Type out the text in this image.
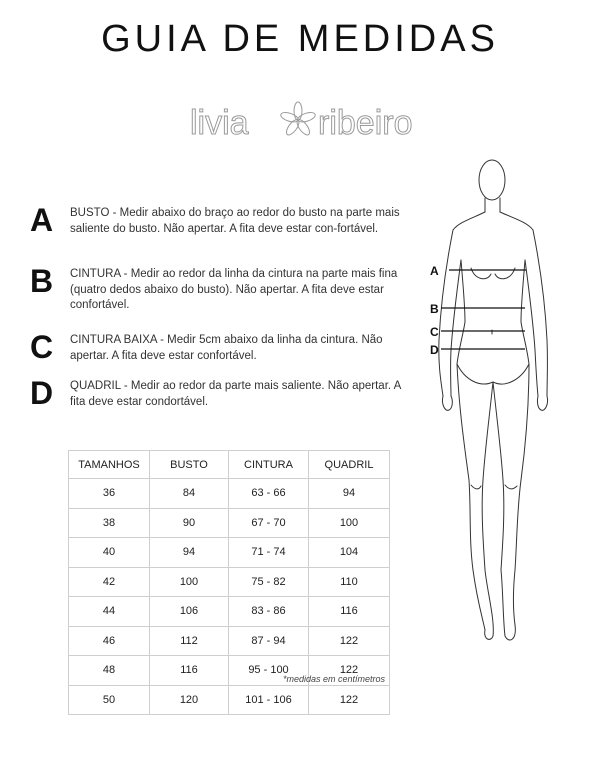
GUIA DE MEDIDAS
livia ribeiro
A BUSTO - Medir abaixo do braço ao redor do busto na parte mais saliente do busto. Não apertar. A fita deve estar con-fortável.
B CINTURA - Medir ao redor da linha da cintura na parte mais fina (quatro dedos abaixo do busto). Não apertar. A fita deve estar confortável.
C CINTURA BAIXA - Medir 5cm abaixo da linha da cintura. Não apertar. A fita deve estar confortável.
D QUADRIL - Medir ao redor da parte mais saliente. Não apertar. A fita deve estar condortável.
TAMANHOS	BUSTO	CINTURA	QUADRIL
36	84	63 - 66	94
38	90	67 - 70	100
40	94	71 - 74	104
42	100	75 - 82	110
44	106	83 - 86	116
46	112	87 - 94	122
48	116	95 - 100	122
50	120	101 - 106	122
*medidas em centímetros
A
B
C
D
